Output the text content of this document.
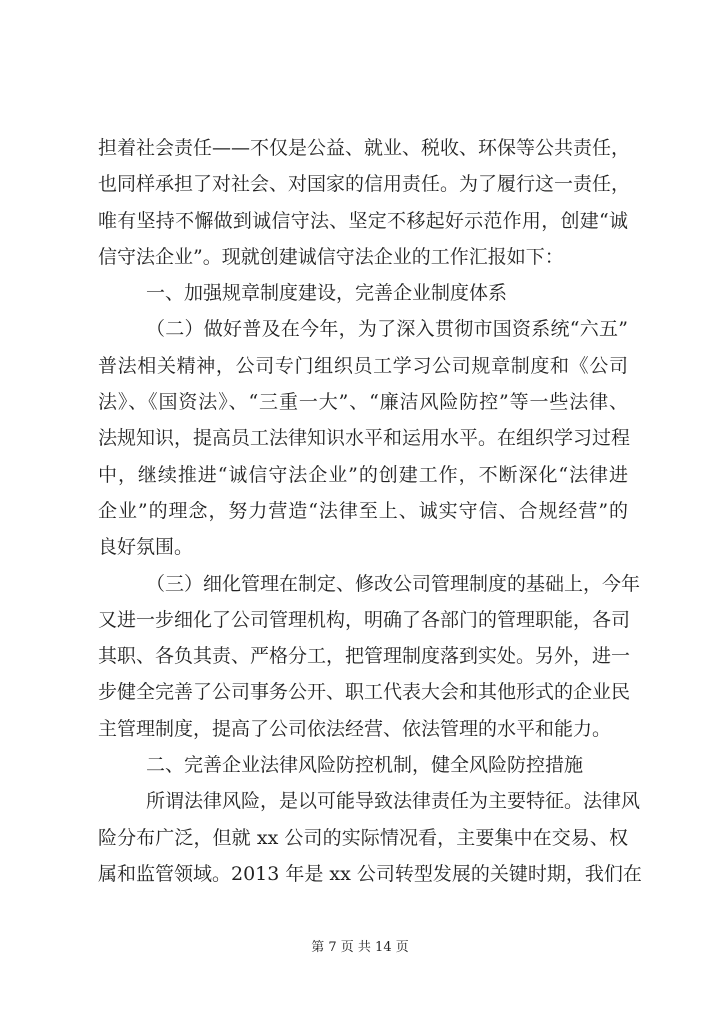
担着社会责任——不仅是公益、就业、税收、环保等公共责任，
也同样承担了对社会、对国家的信用责任。为了履行这一责任，
唯有坚持不懈做到诚信守法、坚定不移起好示范作用，创建“诚
信守法企业”。现就创建诚信守法企业的工作汇报如下：
一、加强规章制度建设，完善企业制度体系
（二）做好普及在今年，为了深入贯彻市国资系统“六五”
普法相关精神，公司专门组织员工学习公司规章制度和《公司
法》、《国资法》、“三重一大”、“廉洁风险防控”等一些法律、
法规知识，提高员工法律知识水平和运用水平。在组织学习过程
中，继续推进“诚信守法企业”的创建工作，不断深化“法律进
企业”的理念，努力营造“法律至上、诚实守信、合规经营”的
良好氛围。
（三）细化管理在制定、修改公司管理制度的基础上，今年
又进一步细化了公司管理机构，明确了各部门的管理职能，各司
其职、各负其责、严格分工，把管理制度落到实处。另外，进一
步健全完善了公司事务公开、职工代表大会和其他形式的企业民
主管理制度，提高了公司依法经营、依法管理的水平和能力。
二、完善企业法律风险防控机制，健全风险防控措施
所谓法律风险，是以可能导致法律责任为主要特征。法律风
险分布广泛，但就 xx 公司的实际情况看，主要集中在交易、权
属和监管领域。2013 年是 xx 公司转型发展的关键时期，我们在
第 7 页 共 14 页
